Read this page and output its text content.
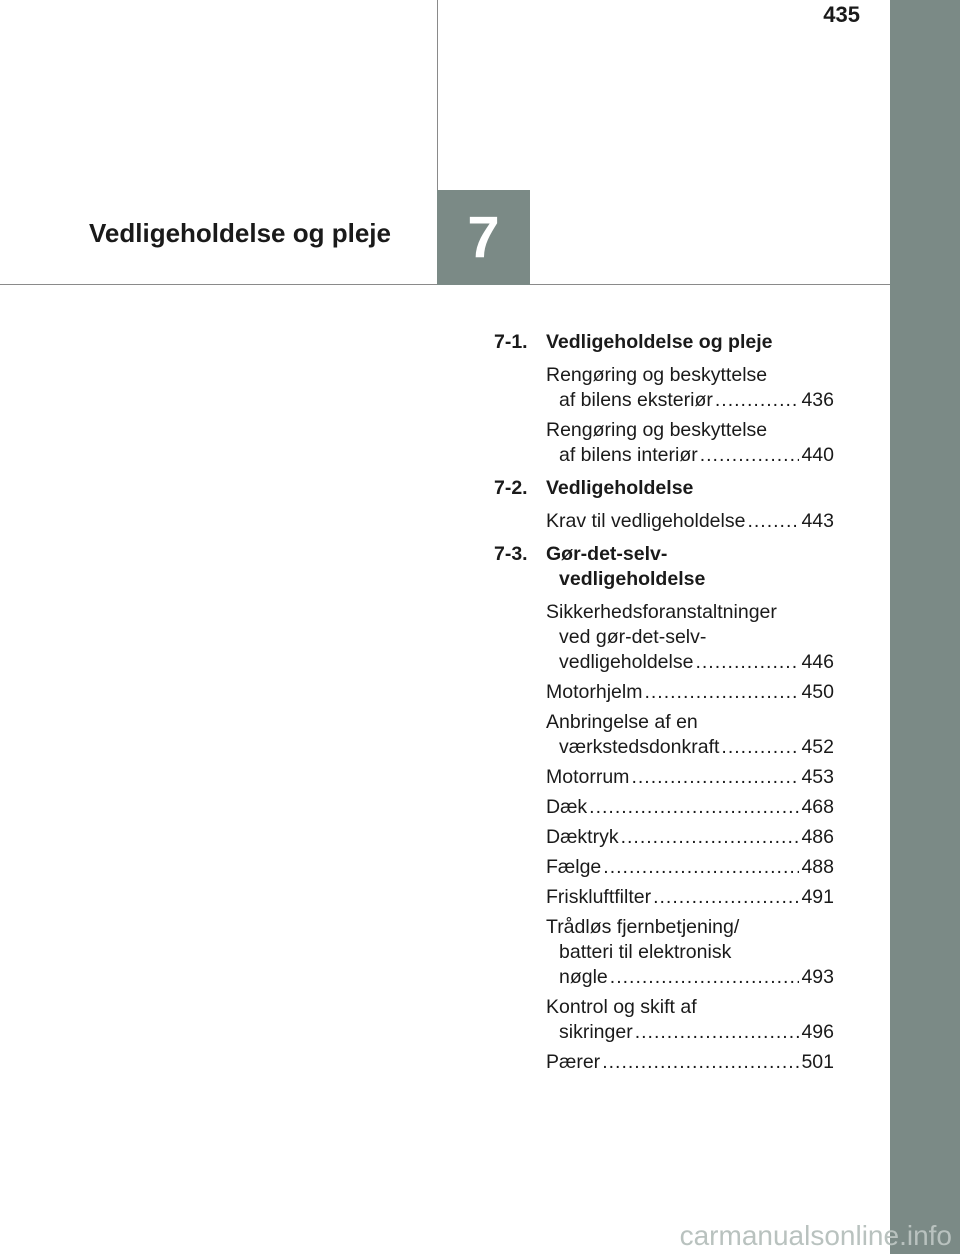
435
Vedligeholdelse og pleje 7
7-1. Vedligeholdelse og pleje
Rengøring og beskyttelse
af bilens eksteriør .....	436
Rengøring og beskyttelse
af bilens interiør .....	440
7-2. Vedligeholdelse
Krav til vedligeholdelse .....	443
7-3. Gør-det-selv-
vedligeholdelse
Sikkerhedsforanstaltninger
ved gør-det-selv-
vedligeholdelse .....	446
Motorhjelm .....	450
Anbringelse af en
værkstedsdonkraft .....	452
Motorrum .....	453
Dæk .....	468
Dæktryk .....	486
Fælge .....	488
Friskluftfilter .....	491
Trådløs fjernbetjening/
batteri til elektronisk
nøgle .....	493
Kontrol og skift af
sikringer .....	496
Pærer .....	501
carmanualsonline.info
